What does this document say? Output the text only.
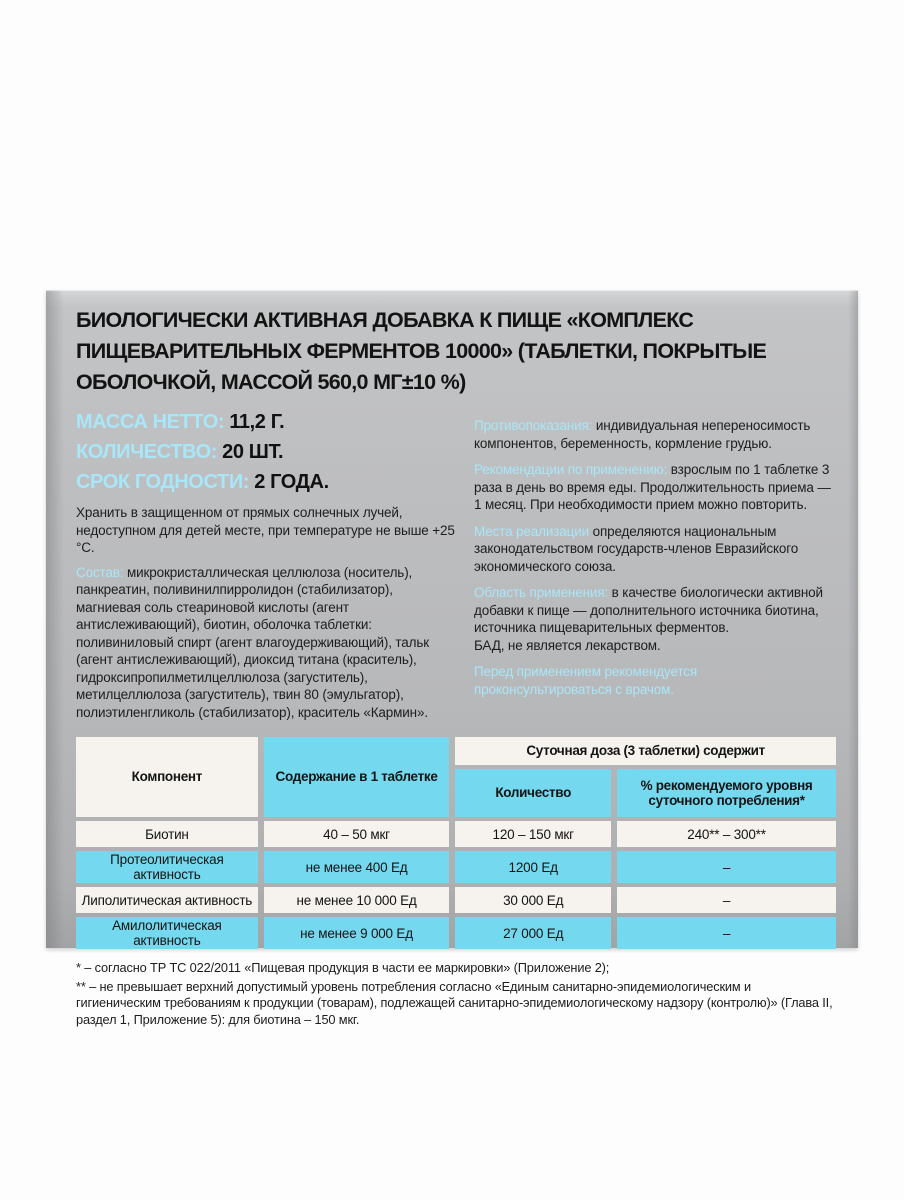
БИОЛОГИЧЕСКИ АКТИВНАЯ ДОБАВКА К ПИЩЕ «КОМПЛЕКС ПИЩЕВАРИТЕЛЬНЫХ ФЕРМЕНТОВ 10000» (ТАБЛЕТКИ, ПОКРЫТЫЕ ОБОЛОЧКОЙ, МАССОЙ 560,0 МГ±10 %)

МАССА НЕТТО: 11,2 Г.
КОЛИЧЕСТВО: 20 ШТ.
СРОК ГОДНОСТИ: 2 ГОДА.

Хранить в защищенном от прямых солнечных лучей, недоступном для детей месте, при температуре не выше +25 °C.

Состав: микрокристаллическая целлюлоза (носитель), панкреатин, поливинилпирролидон (стабилизатор), магниевая соль стеариновой кислоты (агент антислеживающий), биотин, оболочка таблетки: поливиниловый спирт (агент влагоудерживающий), тальк (агент антислеживающий), диоксид титана (краситель), гидроксипропилметилцеллюлоза (загуститель), метилцеллюлоза (загуститель), твин 80 (эмульгатор), полиэтиленгликоль (стабилизатор), краситель «Кармин».

Противопоказания: индивидуальная непереносимость компонентов, беременность, кормление грудью.

Рекомендации по применению: взрослым по 1 таблетке 3 раза в день во время еды. Продолжительность приема — 1 месяц. При необходимости прием можно повторить.

Места реализации определяются национальным законодательством государств-членов Евразийского экономического союза.

Область применения: в качестве биологически активной добавки к пище — дополнительного источника биотина, источника пищеварительных ферментов.

БАД, не является лекарством.

Перед применением рекомендуется проконсультироваться с врачом.

Компонент	Содержание в 1 таблетке	Суточная доза (3 таблетки) содержит	
		Количество	% рекомендуемого уровня суточного потребления*
Биотин	40 – 50 мкг	120 – 150 мкг	240** – 300**
Протеолитическая активность	не менее 400 Ед	1200 Ед	–
Липолитическая активность	не менее 10 000 Ед	30 000 Ед	–
Амилолитическая активность	не менее 9 000 Ед	27 000 Ед	–

* – согласно ТР ТС 022/2011 «Пищевая продукция в части ее маркировки» (Приложение 2);

** – не превышает верхний допустимый уровень потребления согласно «Единым санитарно-эпидемиологическим и гигиеническим требованиям к продукции (товарам), подлежащей санитарно-эпидемиологическому надзору (контролю)» (Глава II, раздел 1, Приложение 5): для биотина – 150 мкг.
